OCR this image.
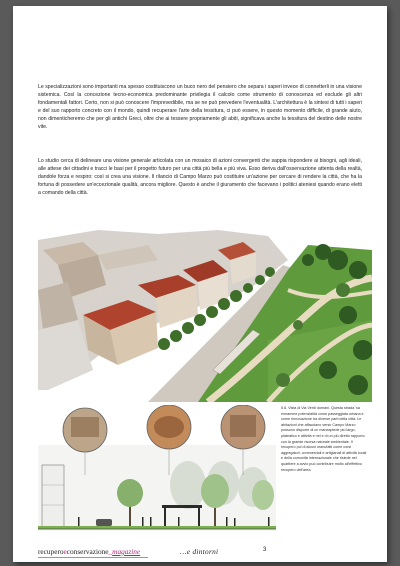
Le specializzazioni sono importanti ma spesso costituiscono un buco nero del pensiero che separa i saperi invece di connetterli in una visione sistemica. Così la concezione tecno-economica predominante privilegia il calcolo come strumento di conoscenza ed esclude gli altri fondamentali fattori. Certo, non si può conoscere l'imprevedibile, ma se ne può prevedere l'eventualità. L'architettura è la sintesi di tutti i saperi e del suo rapporto concreto con il mondo, quindi recuperare l'arte della tessitura, ci può essere, in questo momento difficile, di grande aiuto, non dimenticheremo che per gli antichi Greci, oltre che ai tessere propriamente gli abiti, significava anche la tessitura del destino delle nostre vite.

Lo studio cerca di delineare una visione generale articolata con un mosaico di azioni convergenti che sappia rispondere ai bisogni, agli ideali, alle attese dei cittadini e tracci le basi per il progetto futuro per una città più bella e più viva. Esso deriva dall'osservazione attenta della realtà, dandole forza e respiro: così si crea una visione. Il rilancio di Campo Marzo può costituire un'azione per cercare di rendere la città, che ha la fortuna di possedere un'eccezionale qualità, ancora migliore. Questo è anche il giuramento che facevano i politici ateniesi quando erano eletti a comando della città.

5.6. Vista di Via Verdi domani. Questa strada 'sa e/mamme potenzialità come passeggiata urbana e come rinnovazione tra diverse parti della città. Le abitazioni che affacciano verso Campo Marzo possono disporre di un marciapiede più largo, plateatico e attività e nel e di un più diretto rapporto con la grande risorsa naturale ambientale. Il recupero poi di alcuni manufatti come corsi aggregatori, commerciali e artigianali di attività locali e della comunità internazionale che risiede nel quartiere a avvio può contribuire molto all'effettivo recupero dell'area.

recuperoeconservazione_magazine	…e dintorni	3
